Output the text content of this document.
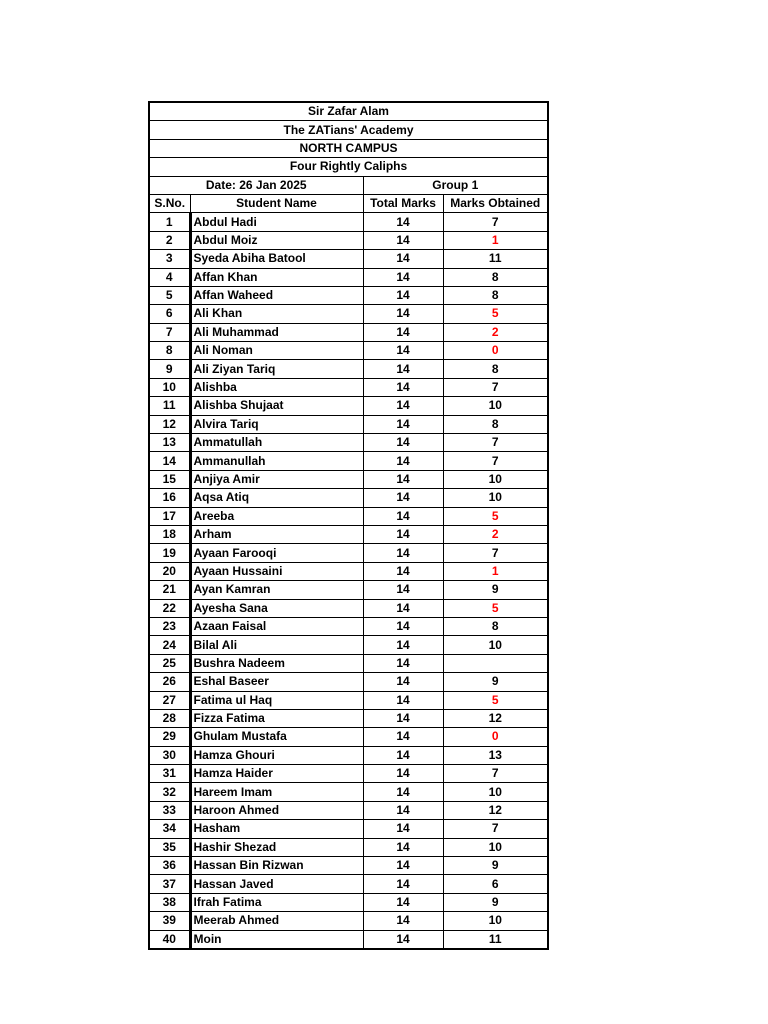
Sir Zafar Alam			
The ZATians' Academy			
NORTH CAMPUS			
Four Rightly Caliphs			
Date: 26 Jan 2025		Group 1	
S.No.	Student Name	Total Marks	Marks Obtained
1	Abdul Hadi	14	7
2	Abdul Moiz	14	1
3	Syeda Abiha Batool	14	11
4	Affan Khan	14	8
5	Affan Waheed	14	8
6	Ali Khan	14	5
7	Ali Muhammad	14	2
8	Ali Noman	14	0
9	Ali Ziyan Tariq	14	8
10	Alishba	14	7
11	Alishba Shujaat	14	10
12	Alvira Tariq	14	8
13	Ammatullah	14	7
14	Ammanullah	14	7
15	Anjiya Amir	14	10
16	Aqsa Atiq	14	10
17	Areeba	14	5
18	Arham	14	2
19	Ayaan Farooqi	14	7
20	Ayaan Hussaini	14	1
21	Ayan Kamran	14	9
22	Ayesha Sana	14	5
23	Azaan Faisal	14	8
24	Bilal Ali	14	10
25	Bushra Nadeem	14	
26	Eshal Baseer	14	9
27	Fatima ul Haq	14	5
28	Fizza Fatima	14	12
29	Ghulam Mustafa	14	0
30	Hamza Ghouri	14	13
31	Hamza Haider	14	7
32	Hareem Imam	14	10
33	Haroon Ahmed	14	12
34	Hasham	14	7
35	Hashir Shezad	14	10
36	Hassan Bin Rizwan	14	9
37	Hassan Javed	14	6
38	Ifrah Fatima	14	9
39	Meerab Ahmed	14	10
40	Moin	14	11
